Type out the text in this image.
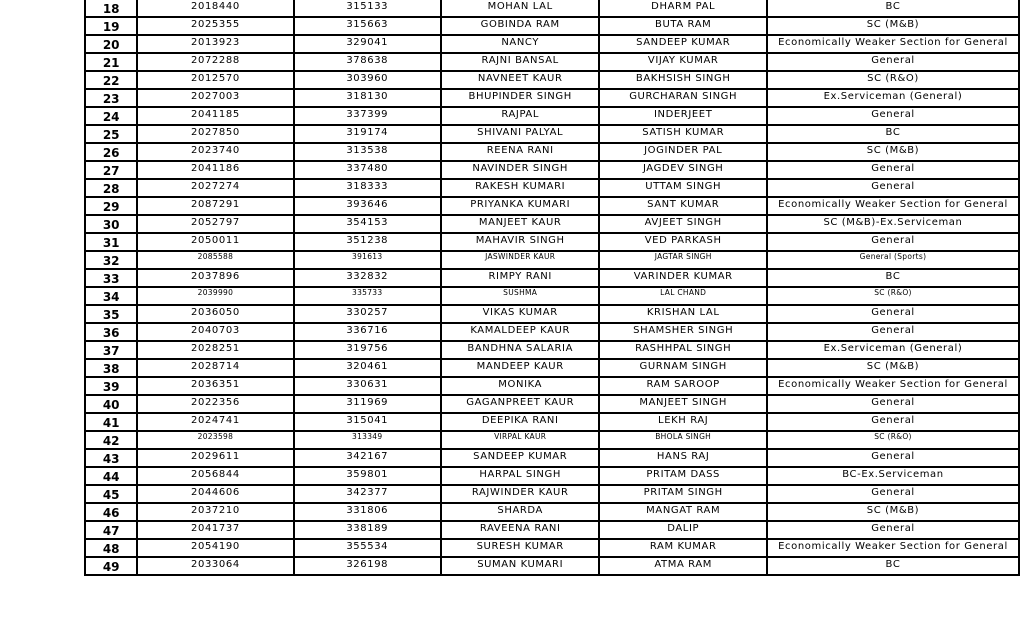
18	2018440	315133	MOHAN LAL	DHARM PAL	BC
19	2025355	315663	GOBINDA RAM	BUTA RAM	SC (M&B)
20	2013923	329041	NANCY	SANDEEP KUMAR	Economically Weaker Section for General
21	2072288	378638	RAJNI BANSAL	VIJAY KUMAR	General
22	2012570	303960	NAVNEET KAUR	BAKHSISH SINGH	SC (R&O)
23	2027003	318130	BHUPINDER SINGH	GURCHARAN SINGH	Ex.Serviceman (General)
24	2041185	337399	RAJPAL	INDERJEET	General
25	2027850	319174	SHIVANI PALYAL	SATISH KUMAR	BC
26	2023740	313538	REENA RANI	JOGINDER PAL	SC (M&B)
27	2041186	337480	NAVINDER SINGH	JAGDEV SINGH	General
28	2027274	318333	RAKESH KUMARI	UTTAM SINGH	General
29	2087291	393646	PRIYANKA KUMARI	SANT KUMAR	Economically Weaker Section for General
30	2052797	354153	MANJEET KAUR	AVJEET SINGH	SC (M&B)-Ex.Serviceman
31	2050011	351238	MAHAVIR SINGH	VED PARKASH	General
32	2085588	391613	JASWINDER KAUR	JAGTAR SINGH	General (Sports)
33	2037896	332832	RIMPY RANI	VARINDER KUMAR	BC
34	2039990	335733	SUSHMA	LAL CHAND	SC (R&O)
35	2036050	330257	VIKAS KUMAR	KRISHAN LAL	General
36	2040703	336716	KAMALDEEP KAUR	SHAMSHER SINGH	General
37	2028251	319756	BANDHNA SALARIA	RASHHPAL SINGH	Ex.Serviceman (General)
38	2028714	320461	MANDEEP KAUR	GURNAM SINGH	SC (M&B)
39	2036351	330631	MONIKA	RAM SAROOP	Economically Weaker Section for General
40	2022356	311969	GAGANPREET KAUR	MANJEET SINGH	General
41	2024741	315041	DEEPIKA RANI	LEKH RAJ	General
42	2023598	313349	VIRPAL KAUR	BHOLA SINGH	SC (R&O)
43	2029611	342167	SANDEEP KUMAR	HANS RAJ	General
44	2056844	359801	HARPAL SINGH	PRITAM DASS	BC-Ex.Serviceman
45	2044606	342377	RAJWINDER KAUR	PRITAM SINGH	General
46	2037210	331806	SHARDA	MANGAT RAM	SC (M&B)
47	2041737	338189	RAVEENA RANI	DALIP	General
48	2054190	355534	SURESH KUMAR	RAM KUMAR	Economically Weaker Section for General
49	2033064	326198	SUMAN KUMARI	ATMA RAM	BC
